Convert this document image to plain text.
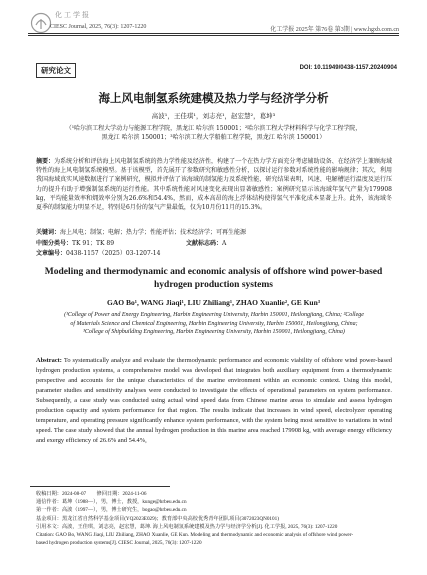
化工学报
CIESC Journal, 2025, 76(3): 1207-1220	化工学报 2025年 第76卷 第3期 | www.hgxb.com.cn
研究论文	DOI: 10.11949/0438-1157.20240904
海上风电制氢系统建模及热力学与经济学分析
高波¹，王佳琪¹，刘志亮¹，赵宏慧²，葛坤³
（¹哈尔滨工程大学动力与能源工程学院，黑龙江 哈尔滨 150001；²哈尔滨工程大学材料科学与化学工程学院，
黑龙江 哈尔滨 150001；³哈尔滨工程大学船舶工程学院，黑龙江 哈尔滨 150001）
摘要：为系统分析和评估海上风电制氢系统的热力学性能及经济性，构建了一个在热力学方面充分考虑辅助设备、在经济学上兼顾海域特性的海上风电制氢系统模型。基于该模型，首先展开了参数研究和敏感性分析，以探讨运行参数对系统性能的影响规律；其次，利用我国海域真实风速数据进行了案例研究，模拟并评估了该海域的制氢能力及系统性能，研究结果表明，风速、电解槽运行温度及运行压力的提升有助于增强制氢系统的运行性能。其中系统性能对风速变化表现出显著敏感性；案例研究显示该海域年氢气产量为179908 kg，平均能量效率和㶲效率分别为26.6%和54.4%，然而，成本高昂的海上浮体结构使得氢气平准化成本显著上升。此外，该海域冬夏季的制氢能力明显不足，特别是6月份的氢气产量最低，仅为10月份11月的15.3%。
关键词：海上风电；制氢；电解；热力学；性能评估；技术经济学；可再生能源
中图分类号：TK 91；TK 89	文献标志码：A
文章编号：0438-1157（2025）03-1207-14
Modeling and thermodynamic and economic analysis of offshore wind power-based hydrogen production systems
GAO Bo¹, WANG Jiaqi¹, LIU Zhiliang¹, ZHAO Xuanlie², GE Kun³
(¹College of Power and Energy Engineering, Harbin Engineering University, Harbin 150001, Heilongjiang, China; ²College
of Materials Science and Chemical Engineering, Harbin Engineering University, Harbin 150001, Heilongjiang, China;
³College of Shipbuilding Engineering, Harbin Engineering University, Harbin 150001, Heilongjiang, China)
Abstract: To systematically analyze and evaluate the thermodynamic performance and economic viability of offshore wind power-based hydrogen production systems, a comprehensive model was developed that integrates both auxiliary equipment from a thermodynamic perspective and accounts for the unique characteristics of the marine environment within an economic context. Using this model, parameter studies and sensitivity analyses were conducted to investigate the effects of operational parameters on system performance. Subsequently, a case study was conducted using actual wind speed data from Chinese marine areas to simulate and assess hydrogen production capacity and system performance for that region. The results indicate that increases in wind speed, electrolyzer operating temperature, and operating pressure significantly enhance system performance, with the system being most sensitive to variations in wind speed. The case study showed that the annual hydrogen production in this marine area reached 179908 kg, with average energy efficiency and exergy efficiency of 26.6% and 54.4%,
收稿日期：2024-08-07　　修回日期：2024-11-06
通信作者：葛坤（1988—），男，博士，教授，kunge@hrbeu.edu.cn
第一作者：高波（1997—），男，博士研究生，bogao@hrbeu.edu.cn
基金项目：黑龙江省自然科学基金项目(YQ2023E029)；教育部中央高校优秀青年团队项目(3072023QN0101)
引用本文：高波，王佳琪，刘志亮，赵宏慧，葛坤. 海上风电制氢系统建模及热力学与经济学分析[J]. 化工学报, 2025, 76(3): 1207-1220
Citation: GAO Bo, WANG Jiaqi, LIU Zhiliang, ZHAO Xuanlie, GE Kun. Modeling and thermodynamic and economic analysis of offshore wind power-
based hydrogen production systems[J]. CIESC Journal, 2025, 76(3): 1207-1220
